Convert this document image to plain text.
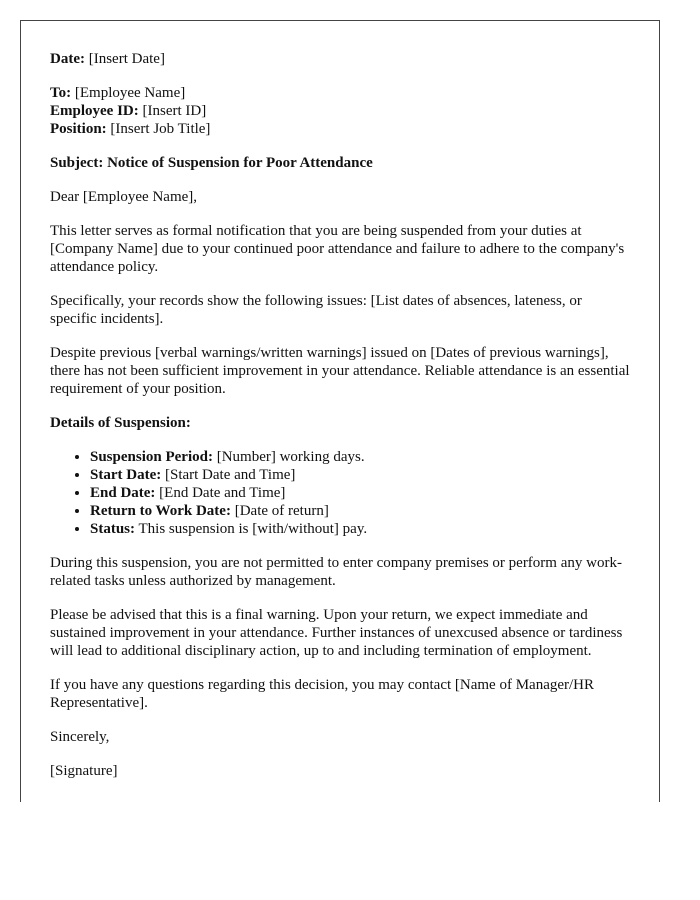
Date: [Insert Date]

To: [Employee Name]
Employee ID: [Insert ID]
Position: [Insert Job Title]

Subject: Notice of Suspension for Poor Attendance

Dear [Employee Name],

This letter serves as formal notification that you are being suspended from your duties at [Company Name] due to your continued poor attendance and failure to adhere to the company's attendance policy.

Specifically, your records show the following issues: [List dates of absences, lateness, or specific incidents].

Despite previous [verbal warnings/written warnings] issued on [Dates of previous warnings], there has not been sufficient improvement in your attendance. Reliable attendance is an essential requirement of your position.

Details of Suspension:

• Suspension Period: [Number] working days.
• Start Date: [Start Date and Time]
• End Date: [End Date and Time]
• Return to Work Date: [Date of return]
• Status: This suspension is [with/without] pay.

During this suspension, you are not permitted to enter company premises or perform any work-related tasks unless authorized by management.

Please be advised that this is a final warning. Upon your return, we expect immediate and sustained improvement in your attendance. Further instances of unexcused absence or tardiness will lead to additional disciplinary action, up to and including termination of employment.

If you have any questions regarding this decision, you may contact [Name of Manager/HR Representative].

Sincerely,

[Signature]
